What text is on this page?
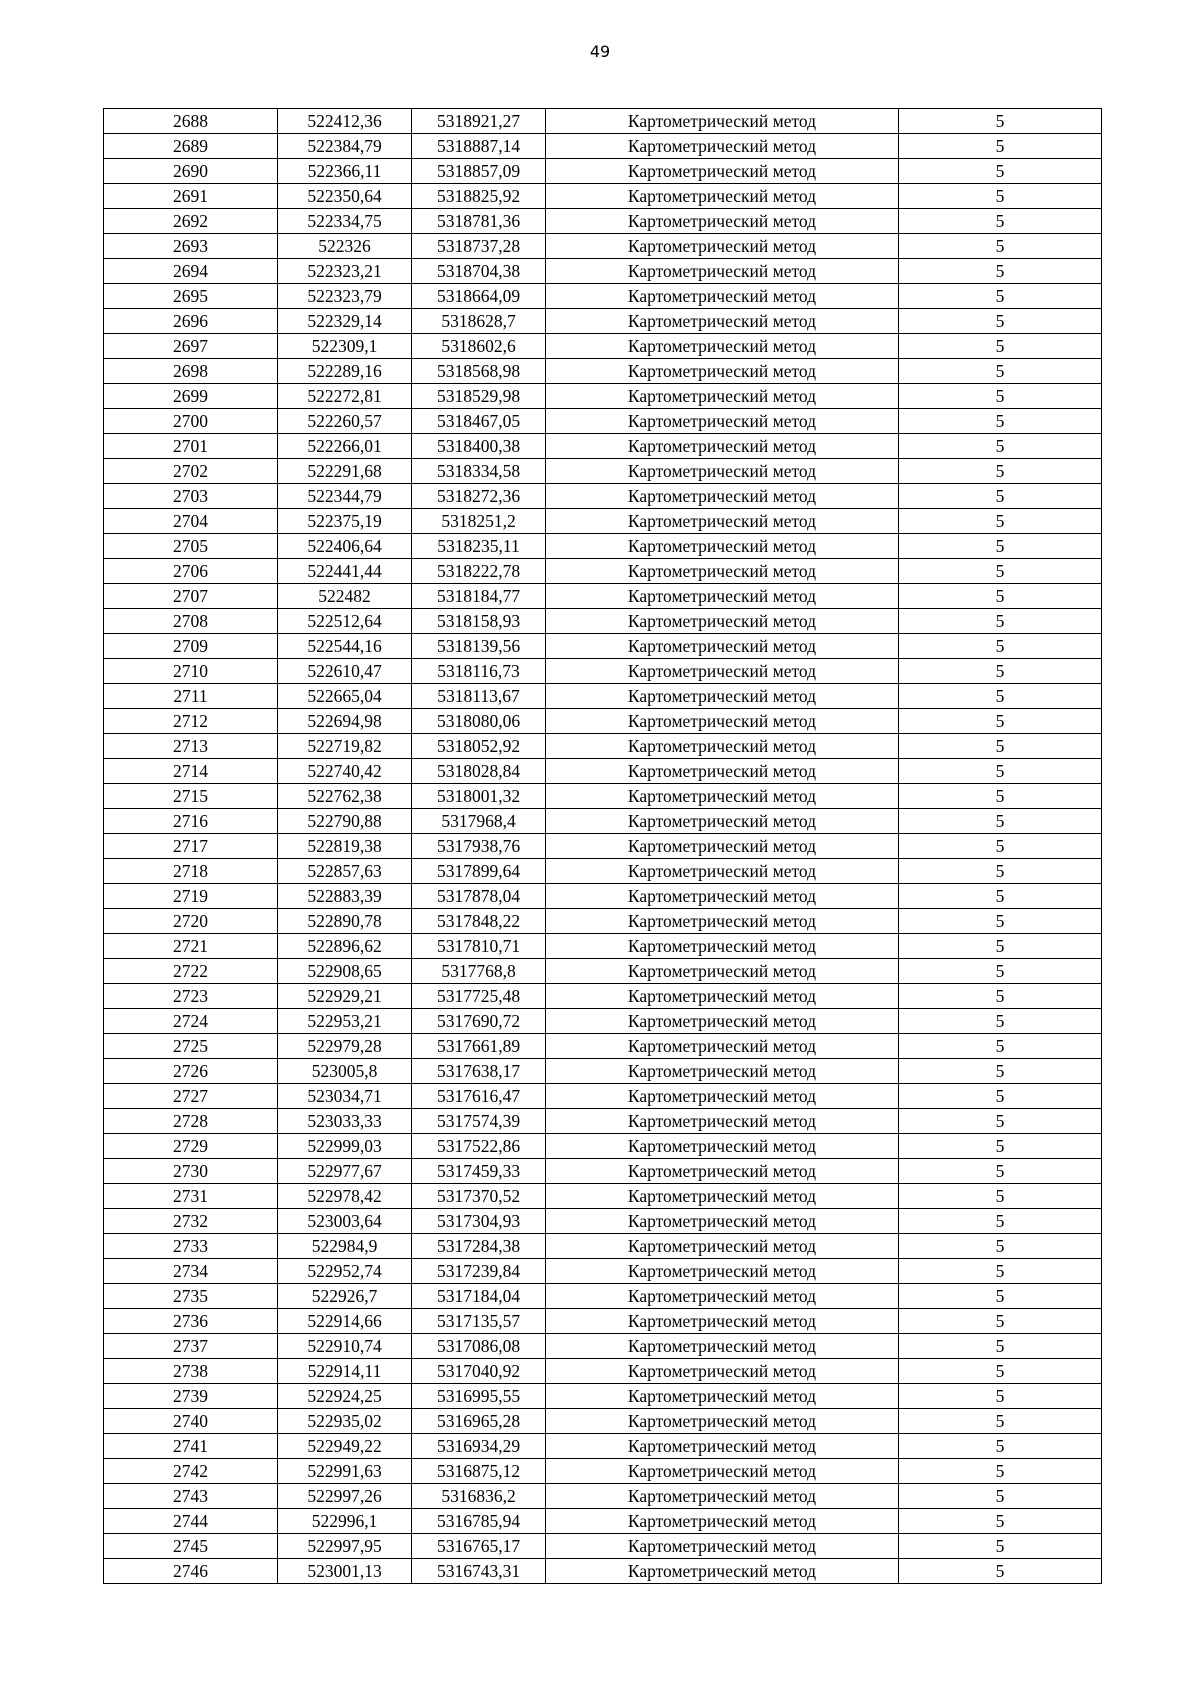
49
2688	522412,36	5318921,27	Картометрический метод	5
2689	522384,79	5318887,14	Картометрический метод	5
2690	522366,11	5318857,09	Картометрический метод	5
2691	522350,64	5318825,92	Картометрический метод	5
2692	522334,75	5318781,36	Картометрический метод	5
2693	522326	5318737,28	Картометрический метод	5
2694	522323,21	5318704,38	Картометрический метод	5
2695	522323,79	5318664,09	Картометрический метод	5
2696	522329,14	5318628,7	Картометрический метод	5
2697	522309,1	5318602,6	Картометрический метод	5
2698	522289,16	5318568,98	Картометрический метод	5
2699	522272,81	5318529,98	Картометрический метод	5
2700	522260,57	5318467,05	Картометрический метод	5
2701	522266,01	5318400,38	Картометрический метод	5
2702	522291,68	5318334,58	Картометрический метод	5
2703	522344,79	5318272,36	Картометрический метод	5
2704	522375,19	5318251,2	Картометрический метод	5
2705	522406,64	5318235,11	Картометрический метод	5
2706	522441,44	5318222,78	Картометрический метод	5
2707	522482	5318184,77	Картометрический метод	5
2708	522512,64	5318158,93	Картометрический метод	5
2709	522544,16	5318139,56	Картометрический метод	5
2710	522610,47	5318116,73	Картометрический метод	5
2711	522665,04	5318113,67	Картометрический метод	5
2712	522694,98	5318080,06	Картометрический метод	5
2713	522719,82	5318052,92	Картометрический метод	5
2714	522740,42	5318028,84	Картометрический метод	5
2715	522762,38	5318001,32	Картометрический метод	5
2716	522790,88	5317968,4	Картометрический метод	5
2717	522819,38	5317938,76	Картометрический метод	5
2718	522857,63	5317899,64	Картометрический метод	5
2719	522883,39	5317878,04	Картометрический метод	5
2720	522890,78	5317848,22	Картометрический метод	5
2721	522896,62	5317810,71	Картометрический метод	5
2722	522908,65	5317768,8	Картометрический метод	5
2723	522929,21	5317725,48	Картометрический метод	5
2724	522953,21	5317690,72	Картометрический метод	5
2725	522979,28	5317661,89	Картометрический метод	5
2726	523005,8	5317638,17	Картометрический метод	5
2727	523034,71	5317616,47	Картометрический метод	5
2728	523033,33	5317574,39	Картометрический метод	5
2729	522999,03	5317522,86	Картометрический метод	5
2730	522977,67	5317459,33	Картометрический метод	5
2731	522978,42	5317370,52	Картометрический метод	5
2732	523003,64	5317304,93	Картометрический метод	5
2733	522984,9	5317284,38	Картометрический метод	5
2734	522952,74	5317239,84	Картометрический метод	5
2735	522926,7	5317184,04	Картометрический метод	5
2736	522914,66	5317135,57	Картометрический метод	5
2737	522910,74	5317086,08	Картометрический метод	5
2738	522914,11	5317040,92	Картометрический метод	5
2739	522924,25	5316995,55	Картометрический метод	5
2740	522935,02	5316965,28	Картометрический метод	5
2741	522949,22	5316934,29	Картометрический метод	5
2742	522991,63	5316875,12	Картометрический метод	5
2743	522997,26	5316836,2	Картометрический метод	5
2744	522996,1	5316785,94	Картометрический метод	5
2745	522997,95	5316765,17	Картометрический метод	5
2746	523001,13	5316743,31	Картометрический метод	5
